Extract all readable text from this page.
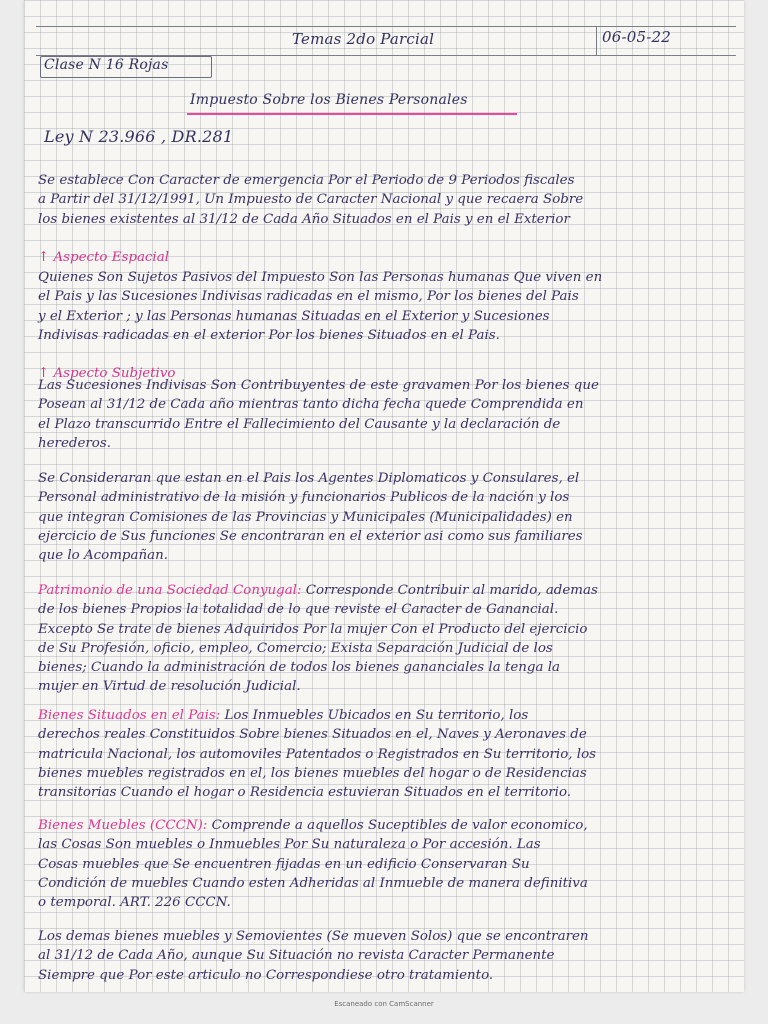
Temas 2do Parcial	06-05-22
Clase N 16 Rojas
Impuesto Sobre los Bienes Personales
Ley N 23.966 , DR.281

Se establece Con Caracter de emergencia Por el Periodo de 9 Periodos fiscales
a Partir del 31/12/1991, Un Impuesto de Caracter Nacional y que recaera Sobre
los bienes existentes al 31/12 de Cada Año Situados en el Pais y en el Exterior

↑ Aspecto Espacial

Quienes Son Sujetos Pasivos del Impuesto Son las Personas humanas Que viven en
el Pais y las Sucesiones Indivisas radicadas en el mismo, Por los bienes del Pais
y el Exterior ; y las Personas humanas Situadas en el Exterior y Sucesiones
Indivisas radicadas en el exterior Por los bienes Situados en el Pais.

↑ Aspecto Subjetivo

Las Sucesiones Indivisas Son Contribuyentes de este gravamen Por los bienes que
Posean al 31/12 de Cada año mientras tanto dicha fecha quede Comprendida en
el Plazo transcurrido Entre el Fallecimiento del Causante y la declaración de
herederos.

Se Consideraran que estan en el Pais los Agentes Diplomaticos y Consulares, el
Personal administrativo de la misión y funcionarios Publicos de la nación y los
que integran Comisiones de las Provincias y Municipales (Municipalidades) en
ejercicio de Sus funciones Se encontraran en el exterior asi como sus familiares
que lo Acompañan.

Patrimonio de una Sociedad Conyugal: Corresponde Contribuir al marido, ademas
de los bienes Propios la totalidad de lo que reviste el Caracter de Ganancial.
Excepto Se trate de bienes Adquiridos Por la mujer Con el Producto del ejercicio
de Su Profesión, oficio, empleo, Comercio; Exista Separación Judicial de los
bienes; Cuando la administración de todos los bienes gananciales la tenga la
mujer en Virtud de resolución Judicial.

Bienes Situados en el Pais: Los Inmuebles Ubicados en Su territorio, los
derechos reales Constituidos Sobre bienes Situados en el, Naves y Aeronaves de
matricula Nacional, los automoviles Patentados o Registrados en Su territorio, los
bienes muebles registrados en el, los bienes muebles del hogar o de Residencias
transitorias Cuando el hogar o Residencia estuvieran Situados en el territorio.

Bienes Muebles (CCCN): Comprende a aquellos Suceptibles de valor economico,
las Cosas Son muebles o Inmuebles Por Su naturaleza o Por accesión. Las
Cosas muebles que Se encuentren fijadas en un edificio Conservaran Su
Condición de muebles Cuando esten Adheridas al Inmueble de manera definitiva
o temporal. ART. 226 CCCN.

Los demas bienes muebles y Semovientes (Se mueven Solos) que se encontraren
al 31/12 de Cada Año, aunque Su Situación no revista Caracter Permanente
Siempre que Por este articulo no Correspondiese otro tratamiento.

Escaneado con CamScanner
